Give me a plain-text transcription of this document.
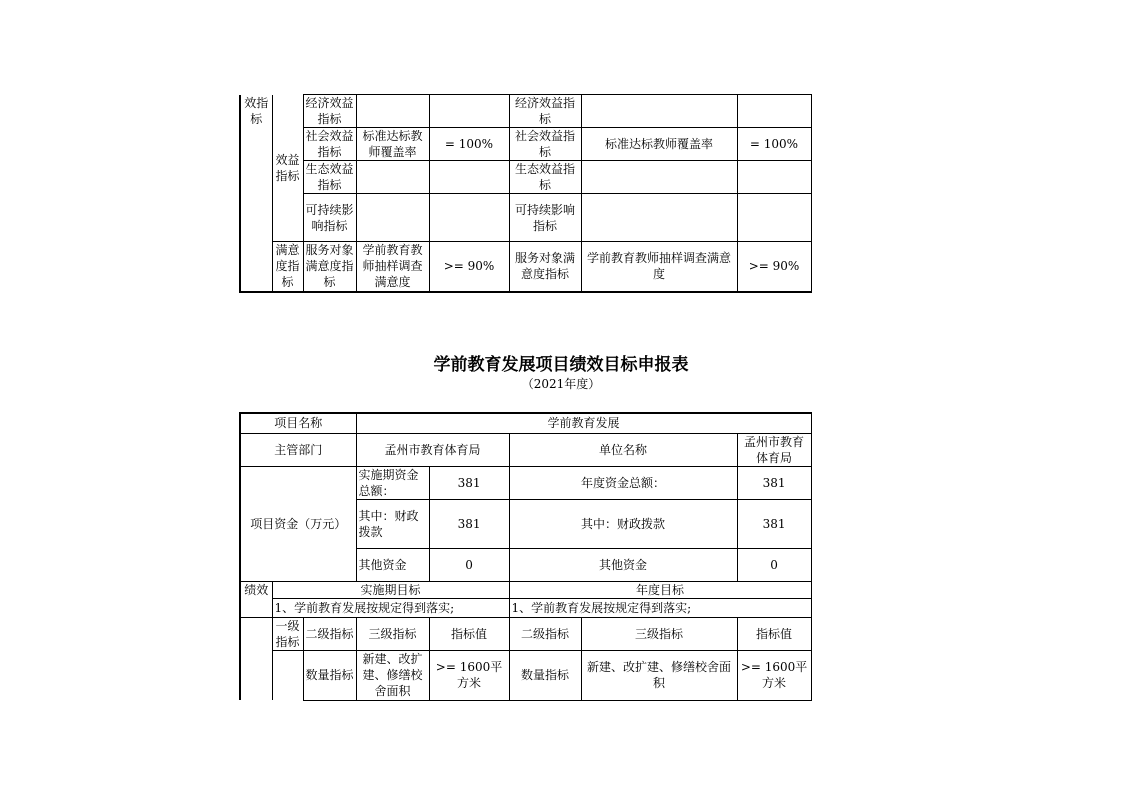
效指标	效益指标	经济效益指标			经济效益指标		
		社会效益指标	标准达标教师覆盖率	= 100%	社会效益指标	标准达标教师覆盖率	= 100%
		生态效益指标			生态效益指标		
		可持续影响指标			可持续影响指标		
	满意度指标	服务对象满意度指标	学前教育教师抽样调查满意度	>= 90%	服务对象满意度指标	学前教育教师抽样调查满意度	>= 90%
学前教育发展项目绩效目标申报表
（2021年度）
项目名称			学前教育发展				
主管部门			孟州市教育体育局		单位名称		孟州市教育体育局
项目资金（万元）			实施期资金总额：	381	年度资金总额：		381
			其中：财政拨款	381	其中：财政拨款		381
			其他资金	0	其他资金		0
绩效	实施期目标				年度目标		
	1、学前教育发展按规定得到落实;				1、学前教育发展按规定得到落实;		
	一级指标	二级指标	三级指标	指标值	二级指标	三级指标	指标值
		数量指标	新建、改扩建、修缮校舍面积	>= 1600平方米	数量指标	新建、改扩建、修缮校舍面积	>= 1600平方米
